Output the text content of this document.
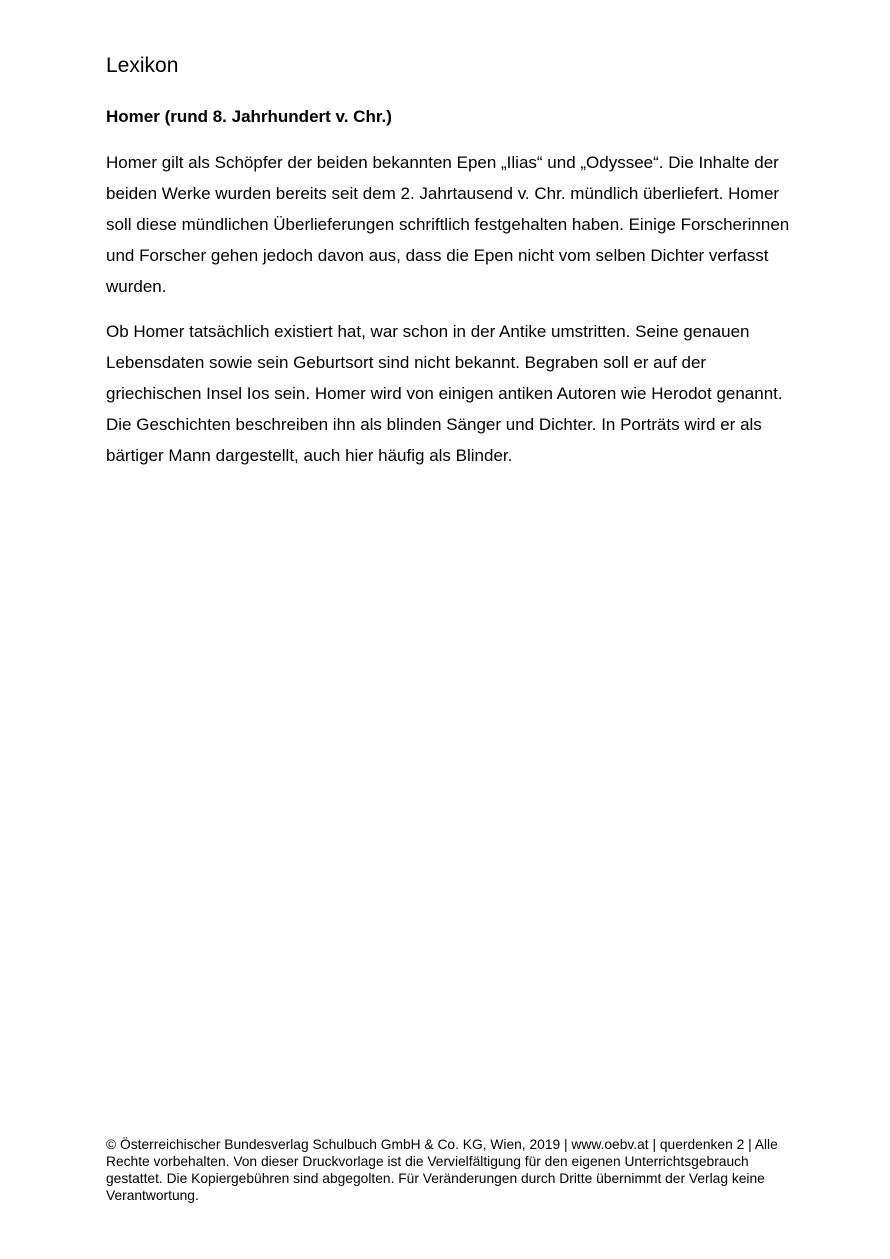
Lexikon
Homer (rund 8. Jahrhundert v. Chr.)

Homer gilt als Schöpfer der beiden bekannten Epen „Ilias“ und „Odyssee“. Die Inhalte der beiden Werke wurden bereits seit dem 2. Jahrtausend v. Chr. mündlich überliefert. Homer soll diese mündlichen Überlieferungen schriftlich festgehalten haben. Einige Forscherinnen und Forscher gehen jedoch davon aus, dass die Epen nicht vom selben Dichter verfasst wurden.

Ob Homer tatsächlich existiert hat, war schon in der Antike umstritten. Seine genauen Lebensdaten sowie sein Geburtsort sind nicht bekannt. Begraben soll er auf der griechischen Insel Ios sein. Homer wird von einigen antiken Autoren wie Herodot genannt. Die Geschichten beschreiben ihn als blinden Sänger und Dichter. In Porträts wird er als bärtiger Mann dargestellt, auch hier häufig als Blinder.

© Österreichischer Bundesverlag Schulbuch GmbH & Co. KG, Wien, 2019 | www.oebv.at | querdenken 2 | Alle Rechte vorbehalten. Von dieser Druckvorlage ist die Vervielfältigung für den eigenen Unterrichtsgebrauch gestattet. Die Kopiergebühren sind abgegolten. Für Veränderungen durch Dritte übernimmt der Verlag keine Verantwortung.
